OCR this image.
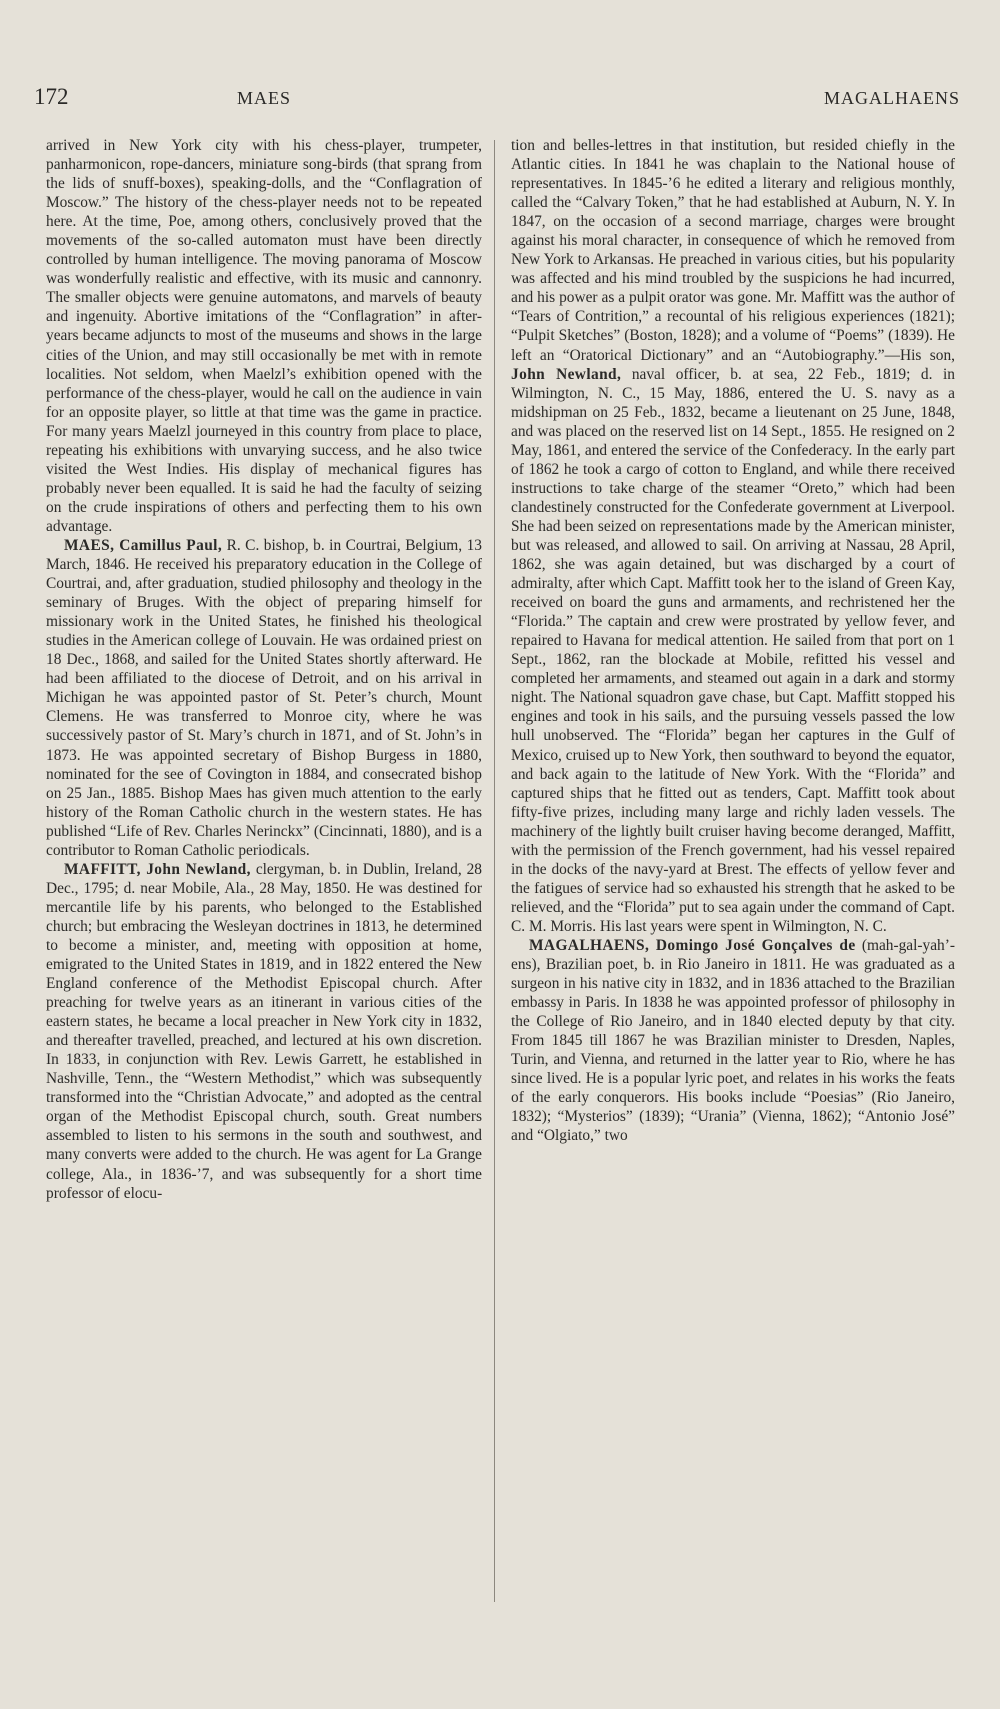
172	MAES	MAGALHAENS

arrived in New York city with his chess-player, trumpeter, panharmonicon, rope-dancers, miniature song-birds (that sprang from the lids of snuff-boxes), speaking-dolls, and the “Conflagration of Moscow.” The history of the chess-player needs not to be repeated here. At the time, Poe, among others, conclusively proved that the movements of the so-called automaton must have been directly controlled by human intelligence. The moving panorama of Moscow was wonderfully realistic and effective, with its music and cannonry. The smaller objects were genuine automatons, and marvels of beauty and ingenuity. Abortive imitations of the “Conflagration” in after-years became adjuncts to most of the museums and shows in the large cities of the Union, and may still occasionally be met with in remote localities. Not seldom, when Maelzl’s exhibition opened with the performance of the chess-player, would he call on the audience in vain for an opposite player, so little at that time was the game in practice. For many years Maelzl journeyed in this country from place to place, repeating his exhibitions with unvarying success, and he also twice visited the West Indies. His display of mechanical figures has probably never been equalled. It is said he had the faculty of seizing on the crude inspirations of others and perfecting them to his own advantage.

MAES, Camillus Paul, R. C. bishop, b. in Courtrai, Belgium, 13 March, 1846. He received his preparatory education in the College of Courtrai, and, after graduation, studied philosophy and theology in the seminary of Bruges. With the object of preparing himself for missionary work in the United States, he finished his theological studies in the American college of Louvain. He was ordained priest on 18 Dec., 1868, and sailed for the United States shortly afterward. He had been affiliated to the diocese of Detroit, and on his arrival in Michigan he was appointed pastor of St. Peter’s church, Mount Clemens. He was transferred to Monroe city, where he was successively pastor of St. Mary’s church in 1871, and of St. John’s in 1873. He was appointed secretary of Bishop Burgess in 1880, nominated for the see of Covington in 1884, and consecrated bishop on 25 Jan., 1885. Bishop Maes has given much attention to the early history of the Roman Catholic church in the western states. He has published “Life of Rev. Charles Nerinckx” (Cincinnati, 1880), and is a contributor to Roman Catholic periodicals.

MAFFITT, John Newland, clergyman, b. in Dublin, Ireland, 28 Dec., 1795; d. near Mobile, Ala., 28 May, 1850. He was destined for mercantile life by his parents, who belonged to the Established church; but embracing the Wesleyan doctrines in 1813, he determined to become a minister, and, meeting with opposition at home, emigrated to the United States in 1819, and in 1822 entered the New England conference of the Methodist Episcopal church. After preaching for twelve years as an itinerant in various cities of the eastern states, he became a local preacher in New York city in 1832, and thereafter travelled, preached, and lectured at his own discretion. In 1833, in conjunction with Rev. Lewis Garrett, he established in Nashville, Tenn., the “Western Methodist,” which was subsequently transformed into the “Christian Advocate,” and adopted as the central organ of the Methodist Episcopal church, south. Great numbers assembled to listen to his sermons in the south and southwest, and many converts were added to the church. He was agent for La Grange college, Ala., in 1836-’7, and was subsequently for a short time professor of elocu-

tion and belles-lettres in that institution, but resided chiefly in the Atlantic cities. In 1841 he was chaplain to the National house of representatives. In 1845-’6 he edited a literary and religious monthly, called the “Calvary Token,” that he had established at Auburn, N. Y. In 1847, on the occasion of a second marriage, charges were brought against his moral character, in consequence of which he removed from New York to Arkansas. He preached in various cities, but his popularity was affected and his mind troubled by the suspicions he had incurred, and his power as a pulpit orator was gone. Mr. Maffitt was the author of “Tears of Contrition,” a recountal of his religious experiences (1821); “Pulpit Sketches” (Boston, 1828); and a volume of “Poems” (1839). He left an “Oratorical Dictionary” and an “Autobiography.”—His son, John Newland, naval officer, b. at sea, 22 Feb., 1819; d. in Wilmington, N. C., 15 May, 1886, entered the U. S. navy as a midshipman on 25 Feb., 1832, became a lieutenant on 25 June, 1848, and was placed on the reserved list on 14 Sept., 1855. He resigned on 2 May, 1861, and entered the service of the Confederacy. In the early part of 1862 he took a cargo of cotton to England, and while there received instructions to take charge of the steamer “Oreto,” which had been clandestinely constructed for the Confederate government at Liverpool. She had been seized on representations made by the American minister, but was released, and allowed to sail. On arriving at Nassau, 28 April, 1862, she was again detained, but was discharged by a court of admiralty, after which Capt. Maffitt took her to the island of Green Kay, received on board the guns and armaments, and rechristened her the “Florida.” The captain and crew were prostrated by yellow fever, and repaired to Havana for medical attention. He sailed from that port on 1 Sept., 1862, ran the blockade at Mobile, refitted his vessel and completed her armaments, and steamed out again in a dark and stormy night. The National squadron gave chase, but Capt. Maffitt stopped his engines and took in his sails, and the pursuing vessels passed the low hull unobserved. The “Florida” began her captures in the Gulf of Mexico, cruised up to New York, then southward to beyond the equator, and back again to the latitude of New York. With the “Florida” and captured ships that he fitted out as tenders, Capt. Maffitt took about fifty-five prizes, including many large and richly laden vessels. The machinery of the lightly built cruiser having become deranged, Maffitt, with the permission of the French government, had his vessel repaired in the docks of the navy-yard at Brest. The effects of yellow fever and the fatigues of service had so exhausted his strength that he asked to be relieved, and the “Florida” put to sea again under the command of Capt. C. M. Morris. His last years were spent in Wilmington, N. C.

MAGALHAENS, Domingo José Gonçalves de (mah-gal-yah’-ens), Brazilian poet, b. in Rio Janeiro in 1811. He was graduated as a surgeon in his native city in 1832, and in 1836 attached to the Brazilian embassy in Paris. In 1838 he was appointed professor of philosophy in the College of Rio Janeiro, and in 1840 elected deputy by that city. From 1845 till 1867 he was Brazilian minister to Dresden, Naples, Turin, and Vienna, and returned in the latter year to Rio, where he has since lived. He is a popular lyric poet, and relates in his works the feats of the early conquerors. His books include “Poesias” (Rio Janeiro, 1832); “Mysterios” (1839); “Urania” (Vienna, 1862); “Antonio José” and “Olgiato,” two
